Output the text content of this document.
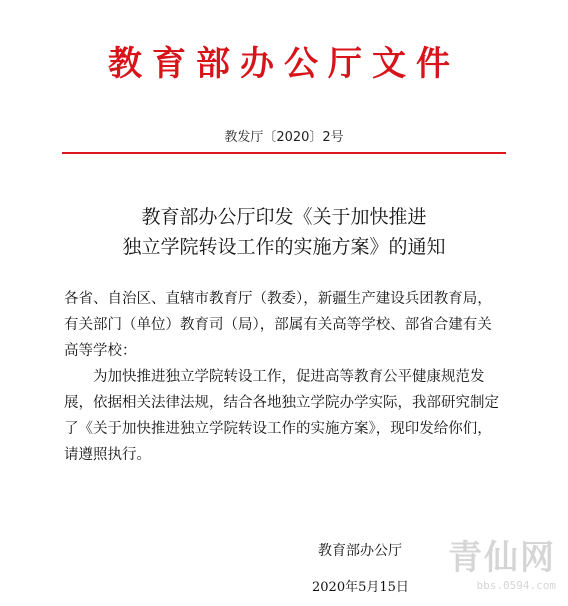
教育部办公厅文件
教发厅〔2020〕2号
教育部办公厅印发《关于加快推进
独立学院转设工作的实施方案》的通知

各省、自治区、直辖市教育厅（教委），新疆生产建设兵团教育局，有关部门（单位）教育司（局），部属有关高等学校、部省合建有关高等学校：

为加快推进独立学院转设工作，促进高等教育公平健康规范发展，依据相关法律法规，结合各地独立学院办学实际，我部研究制定了《关于加快推进独立学院转设工作的实施方案》，现印发给你们，请遵照执行。

教育部办公厅
2020年5月15日
青仙网
bbs.0594.com
